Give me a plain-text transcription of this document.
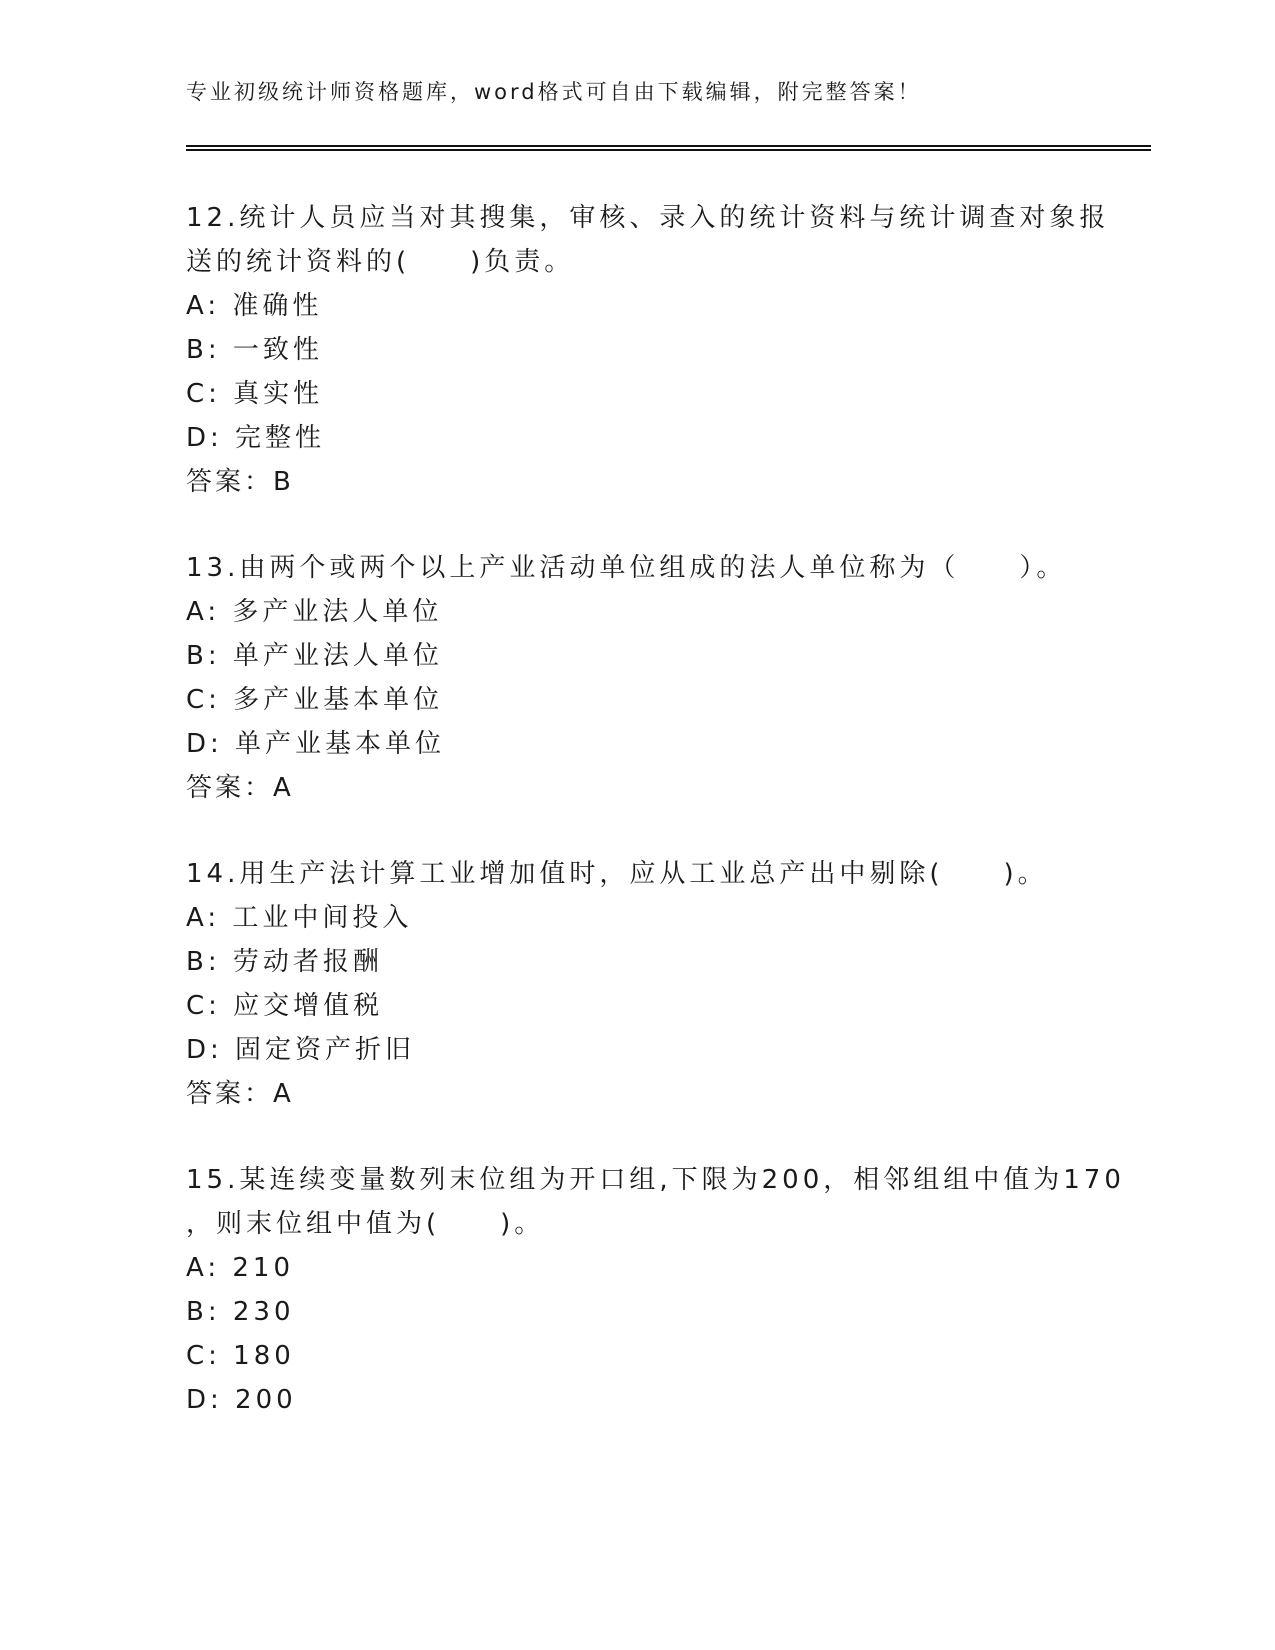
专业初级统计师资格题库，word格式可自由下载编辑，附完整答案！
12.统计人员应当对其搜集，审核、录入的统计资料与统计调查对象报
送的统计资料的(　　)负责。
A: 准确性
B: 一致性
C: 真实性
D: 完整性
答案：B
13.由两个或两个以上产业活动单位组成的法人单位称为（　　）。
A: 多产业法人单位
B: 单产业法人单位
C: 多产业基本单位
D: 单产业基本单位
答案：A
14.用生产法计算工业增加值时，应从工业总产出中剔除(　　)。
A: 工业中间投入
B: 劳动者报酬
C: 应交增值税
D: 固定资产折旧
答案：A
15.某连续变量数列末位组为开口组,下限为200，相邻组组中值为170
，则末位组中值为(　　)。
A: 210
B: 230
C: 180
D: 200
